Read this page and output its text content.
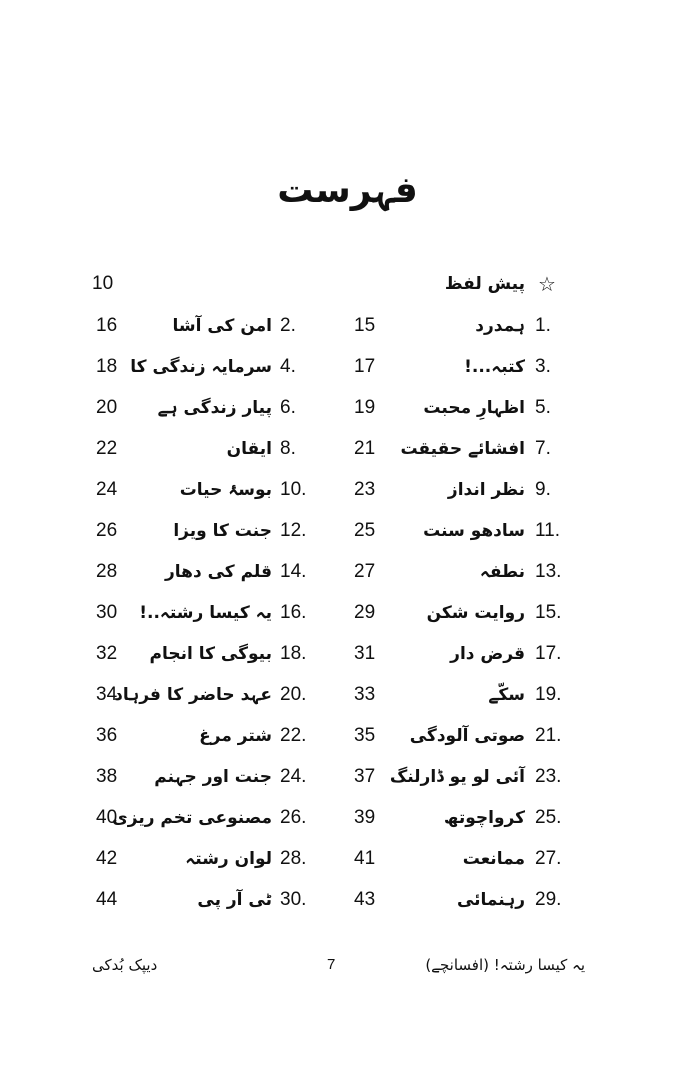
فہرست
☆
پیش لفظ
10
1.
ہمدرد
15
2.
امن کی آشا
16
3.
کتبہ...!
17
4.
سرمایہ زندگی کا
18
5.
اظہارِ محبت
19
6.
پیار زندگی ہے
20
7.
افشائے حقیقت
21
8.
ایقان
22
9.
نظر انداز
23
10.
بوسۂ حیات
24
11.
سادھو سنت
25
12.
جنت کا ویزا
26
13.
نطفہ
27
14.
قلم کی دھار
28
15.
روایت شکن
29
16.
یہ کیسا رشتہ..!
30
17.
قرض دار
31
18.
بیوگی کا انجام
32
19.
سکّے
33
20.
عہد حاضر کا فرہاد
34
21.
صوتی آلودگی
35
22.
شتر مرغ
36
23.
آئی لو یو ڈارلنگ
37
24.
جنت اور جہنم
38
25.
کرواچوتھ
39
26.
مصنوعی تخم ریزی
40
27.
ممانعت
41
28.
لوان رشتہ
42
29.
رہنمائی
43
30.
ٹی آر پی
44
یہ کیسا رشتہ! (افسانچے)
7
دیپک بُدکی
